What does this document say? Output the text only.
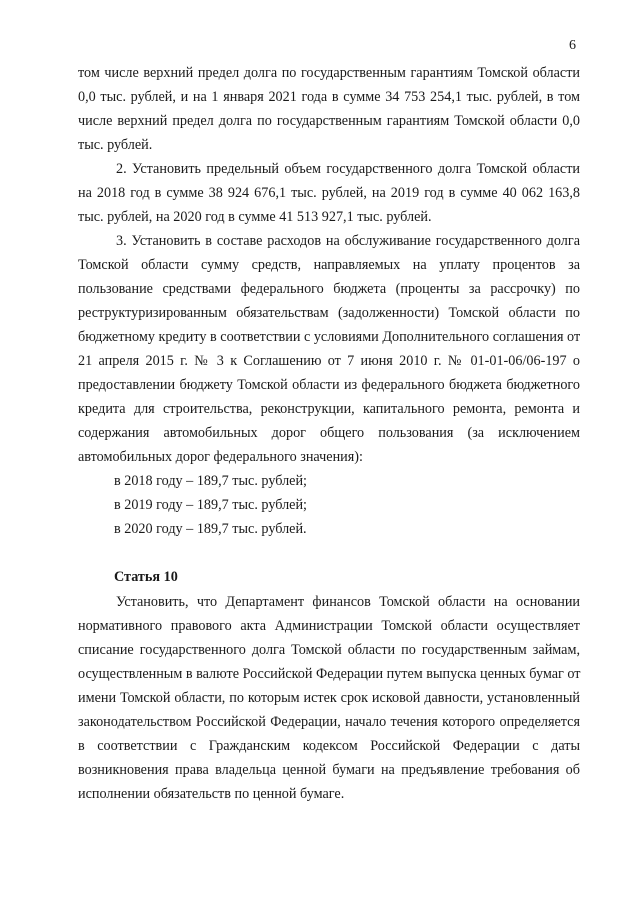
6
том числе верхний предел долга по государственным гарантиям Томской области
0,0 тыс. рублей, и на 1 января 2021 года в сумме 34 753 254,1 тыс. рублей, в том
числе верхний предел долга по государственным гарантиям Томской области 0,0
тыс. рублей.
2. Установить предельный объем государственного долга Томской области
на 2018 год в сумме 38 924 676,1 тыс. рублей, на 2019 год в сумме 40 062 163,8
тыс. рублей, на 2020 год в сумме 41 513 927,1 тыс. рублей.
3. Установить в составе расходов на обслуживание государственного долга
Томской области сумму средств, направляемых на уплату процентов за
пользование средствами федерального бюджета (проценты за рассрочку) по
реструктуризированным обязательствам (задолженности) Томской области по
бюджетному кредиту в соответствии с условиями Дополнительного соглашения от
21 апреля 2015 г. № 3 к Соглашению от 7 июня 2010 г. № 01-01-06/06-197 о
предоставлении бюджету Томской области из федерального бюджета бюджетного
кредита для строительства, реконструкции, капитального ремонта, ремонта и
содержания автомобильных дорог общего пользования (за исключением
автомобильных дорог федерального значения):
в 2018 году – 189,7 тыс. рублей;
в 2019 году – 189,7 тыс. рублей;
в 2020 году – 189,7 тыс. рублей.
Статья 10
Установить, что Департамент финансов Томской области на основании
нормативного правового акта Администрации Томской области осуществляет
списание государственного долга Томской области по государственным займам,
осуществленным в валюте Российской Федерации путем выпуска ценных бумаг от
имени Томской области, по которым истек срок исковой давности, установленный
законодательством Российской Федерации, начало течения которого определяется
в соответствии с Гражданским кодексом Российской Федерации с даты
возникновения права владельца ценной бумаги на предъявление требования об
исполнении обязательств по ценной бумаге.
